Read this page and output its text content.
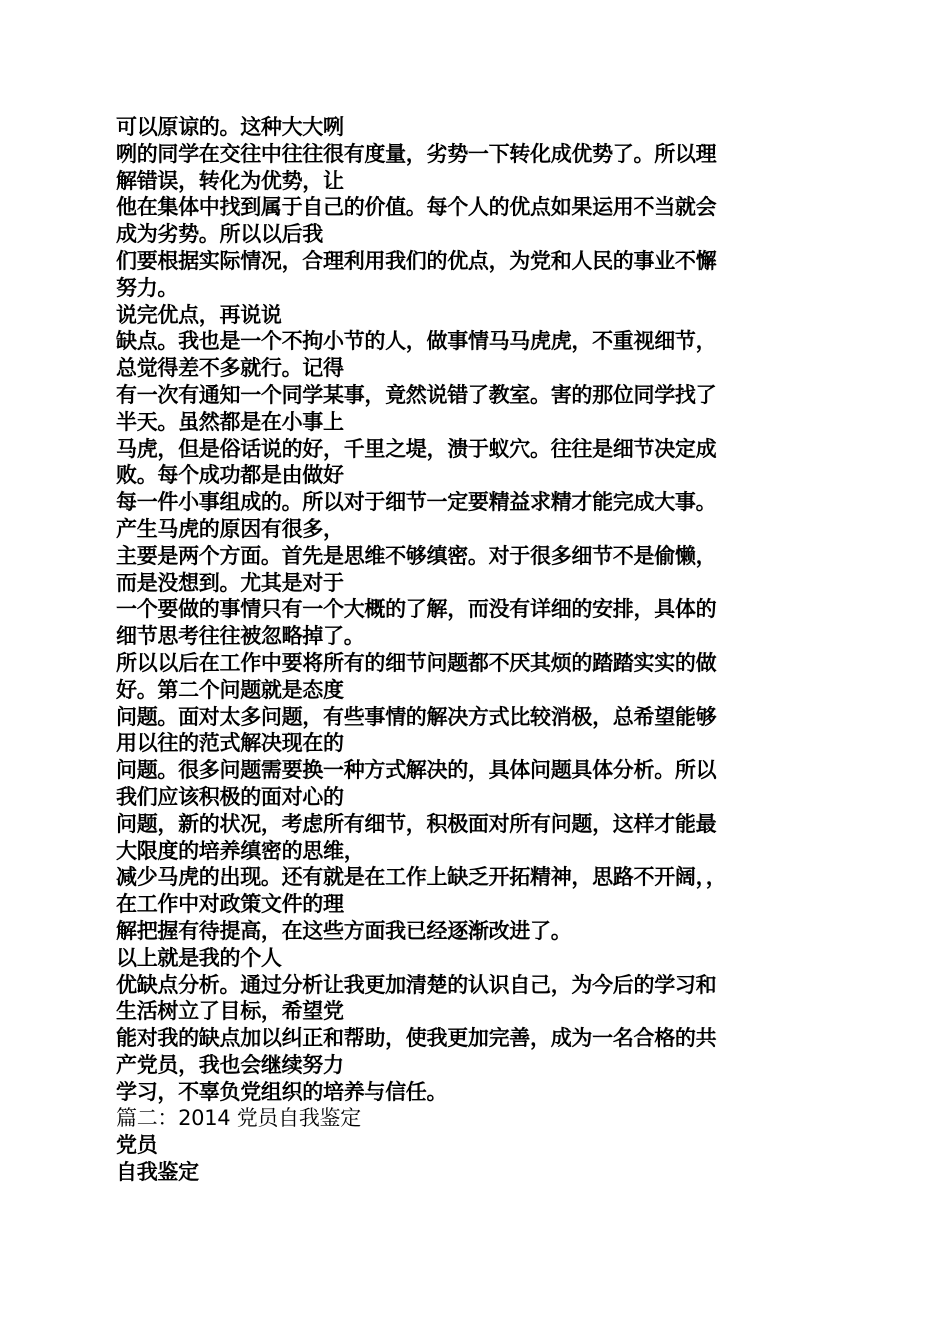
可以原谅的。这种大大咧
咧的同学在交往中往往很有度量，劣势一下转化成优势了。所以理
解错误，转化为优势，让
他在集体中找到属于自己的价值。每个人的优点如果运用不当就会
成为劣势。所以以后我
们要根据实际情况，合理利用我们的优点，为党和人民的事业不懈
努力。
说完优点，再说说
缺点。我也是一个不拘小节的人，做事情马马虎虎，不重视细节，
总觉得差不多就行。记得
有一次有通知一个同学某事，竟然说错了教室。害的那位同学找了
半天。虽然都是在小事上
马虎，但是俗话说的好，千里之堤，溃于蚁穴。往往是细节决定成
败。每个成功都是由做好
每一件小事组成的。所以对于细节一定要精益求精才能完成大事。
产生马虎的原因有很多，
主要是两个方面。首先是思维不够缜密。对于很多细节不是偷懒，
而是没想到。尤其是对于
一个要做的事情只有一个大概的了解，而没有详细的安排，具体的
细节思考往往被忽略掉了。
所以以后在工作中要将所有的细节问题都不厌其烦的踏踏实实的做
好。第二个问题就是态度
问题。面对太多问题，有些事情的解决方式比较消极，总希望能够
用以往的范式解决现在的
问题。很多问题需要换一种方式解决的，具体问题具体分析。所以
我们应该积极的面对心的
问题，新的状况，考虑所有细节，积极面对所有问题，这样才能最
大限度的培养缜密的思维，
减少马虎的出现。还有就是在工作上缺乏开拓精神，思路不开阔，，
在工作中对政策文件的理
解把握有待提高，在这些方面我已经逐渐改进了。
以上就是我的个人
优缺点分析。通过分析让我更加清楚的认识自己，为今后的学习和
生活树立了目标，希望党
能对我的缺点加以纠正和帮助，使我更加完善，成为一名合格的共
产党员，我也会继续努力
学习，不辜负党组织的培养与信任。
篇二：2014 党员自我鉴定
党员
自我鉴定
